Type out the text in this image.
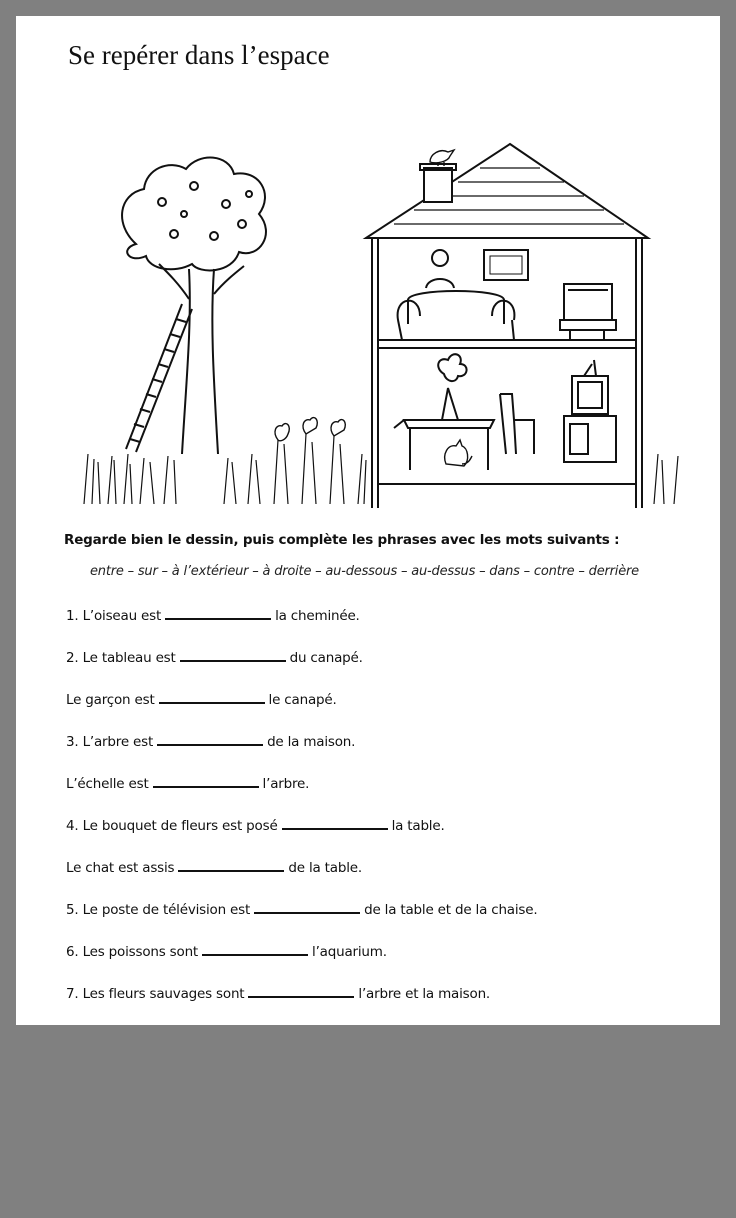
Se repérer dans l’espace
Regarde bien le dessin, puis complète les phrases avec les mots suivants :
entre – sur – à l’extérieur – à droite – au-dessous – au-dessus – dans – contre – derrière
1. L’oiseau est	la cheminée.
2. Le tableau est	du canapé.
Le garçon est	le canapé.
3. L’arbre est	de la maison.
L’échelle est	l’arbre.
4. Le bouquet de fleurs est posé	la table.
Le chat est assis	de la table.
5. Le poste de télévision est	de la table et de la chaise.
6. Les poissons sont	l’aquarium.
7. Les fleurs sauvages sont	l’arbre et la maison.
